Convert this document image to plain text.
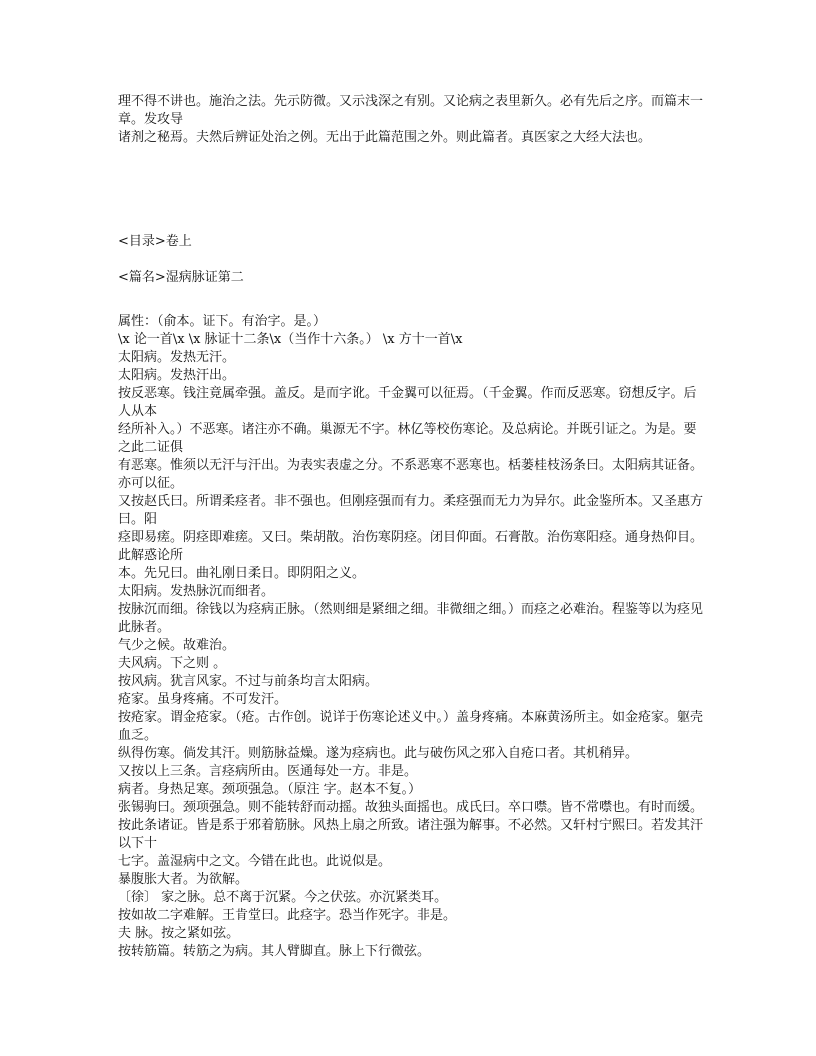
理不得不讲也。施治之法。先示防微。又示浅深之有别。又论病之表里新久。必有先后之序。而篇末一章。发攻导

诸剂之秘焉。夫然后辨证处治之例。无出于此篇范围之外。则此篇者。真医家之大经大法也。

<目录>卷上

<篇名>湿病脉证第二

属性：（俞本。证下。有治字。是。）

\x 论一首\x \x 脉证十二条\x（当作十六条。） \x 方十一首\x

太阳病。发热无汗。

太阳病。发热汗出。

按反恶寒。钱注竟属牵强。盖反。是而字讹。千金翼可以征焉。（千金翼。作而反恶寒。窃想反字。后人从本

经所补入。）不恶寒。诸注亦不确。巢源无不字。林亿等校伤寒论。及总病论。并既引证之。为是。要之此二证俱

有恶寒。惟须以无汗与汗出。为表实表虚之分。不系恶寒不恶寒也。栝蒌桂枝汤条曰。太阳病其证备。亦可以征。

又按赵氏曰。所谓柔痉者。非不强也。但刚痉强而有力。柔痉强而无力为异尔。此金鉴所本。又圣惠方曰。阳

痉即易瘥。阴痉即难瘥。又曰。柴胡散。治伤寒阴痉。闭目仰面。石膏散。治伤寒阳痉。通身热仰目。此解惑论所

本。先兄曰。曲礼刚日柔日。即阴阳之义。

太阳病。发热脉沉而细者。

按脉沉而细。徐钱以为痉病正脉。（然则细是紧细之细。非微细之细。）而痉之必难治。程鉴等以为痉见此脉者。

气少之候。故难治。

夫风病。下之则 。

按风病。犹言风家。不过与前条均言太阳病。

疮家。虽身疼痛。不可发汗。

按疮家。谓金疮家。（疮。古作创。说详于伤寒论述义中。）盖身疼痛。本麻黄汤所主。如金疮家。躯壳血乏。

纵得伤寒。倘发其汗。则筋脉益燥。遂为痉病也。此与破伤风之邪入自疮口者。其机稍异。

又按以上三条。言痉病所由。医通每处一方。非是。

病者。身热足寒。颈项强急。（原注 字。赵本不复。）

张锡驹曰。颈项强急。则不能转舒而动摇。故独头面摇也。成氏曰。卒口噤。皆不常噤也。有时而缓。

按此条诸证。皆是系于邪着筋脉。风热上扇之所致。诸注强为解事。不必然。又轩村宁熙曰。若发其汗以下十

七字。盖湿病中之文。今错在此也。此说似是。

暴腹胀大者。为欲解。

〔徐〕 家之脉。总不离于沉紧。今之伏弦。亦沉紧类耳。

按如故二字难解。王肯堂曰。此痉字。恐当作死字。非是。

夫 脉。按之紧如弦。

按转筋篇。转筋之为病。其人臂脚直。脉上下行微弦。
